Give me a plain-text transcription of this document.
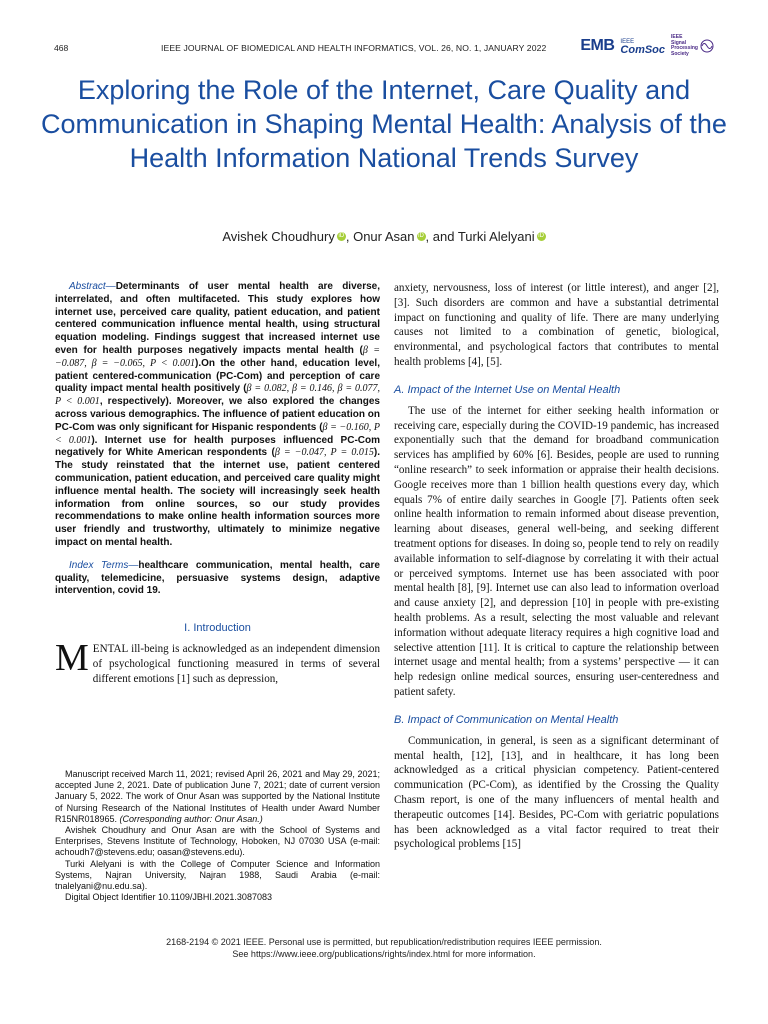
468	IEEE JOURNAL OF BIOMEDICAL AND HEALTH INFORMATICS, VOL. 26, NO. 1, JANUARY 2022 EMB IEEE
ComSoc
IEEE
Signal
Processing
Society
Exploring the Role of the Internet, Care Quality and Communication in Shaping Mental Health: Analysis of the Health Information National Trends Survey
Avishek Choudhury iD , Onur Asan iD , and Turki Alelyani iD

Abstract—Determinants of user mental health are diverse, interrelated, and often multifaceted. This study explores how internet use, perceived care quality, patient education, and patient centered communication influence mental health, using structural equation modeling. Findings suggest that increased internet use even for health purposes negatively impacts mental health (β = −0.087, β = −0.065, P < 0.001).On the other hand, education level, patient centered-communication (PC-Com) and perception of care quality impact mental health positively (β = 0.082, β = 0.146, β = 0.077, P < 0.001, respectively). Moreover, we also explored the changes across various demographics. The influence of patient education on PC-Com was only significant for Hispanic respondents (β = −0.160, P < 0.001). Internet use for health purposes influenced PC-Com negatively for White American respondents (β = −0.047, P = 0.015). The study reinstated that the internet use, patient centered communication, patient education, and perceived care quality might influence mental health. The society will increasingly seek health information from online sources, so our study provides recommendations to make online health information sources more user friendly and trustworthy, ultimately to minimize negative impact on mental health.

Index Terms—healthcare communication, mental health, care quality, telemedicine, persuasive systems design, adaptive intervention, covid 19.

I. Introduction

MENTAL ill-being is acknowledged as an independent dimension of psychological functioning measured in terms of several different emotions [1] such as depression,

Manuscript received March 11, 2021; revised April 26, 2021 and May 29, 2021; accepted June 2, 2021. Date of publication June 7, 2021; date of current version January 5, 2022. The work of Onur Asan was supported by the National Institute of Nursing Research of the National Institutes of Health under Award Number R15NR018965. (Corresponding author: Onur Asan.)

Avishek Choudhury and Onur Asan are with the School of Systems and Enterprises, Stevens Institute of Technology, Hoboken, NJ 07030 USA (e-mail: achoudh7@stevens.edu; oasan@stevens.edu).

Turki Alelyani is with the College of Computer Science and Information Systems, Najran University, Najran 1988, Saudi Arabia (e-mail: tnalelyani@nu.edu.sa).

Digital Object Identifier 10.1109/JBHI.2021.3087083

anxiety, nervousness, loss of interest (or little interest), and anger [2], [3]. Such disorders are common and have a substantial detrimental impact on functioning and quality of life. There are many underlying causes not limited to a combination of genetic, biological, environmental, and psychological factors that contributes to mental health problems [4], [5].

A. Impact of the Internet Use on Mental Health

The use of the internet for either seeking health information or receiving care, especially during the COVID-19 pandemic, has increased exponentially such that the demand for broadband communication services has amplified by 60% [6]. Besides, people are used to running “online research” to seek information or appraise their health decisions. Google receives more than 1 billion health questions every day, which equals 7% of entire daily searches in Google [7]. Patients often seek online health information to remain informed about disease prevention, learning about diseases, general well-being, and seeking different treatment options for diseases. In doing so, people tend to rely on readily available information to self-diagnose by correlating it with their actual or perceived symptoms. Internet use has been associated with poor mental health [8], [9]. Internet use can also lead to information overload and cause anxiety [2], and depression [10] in people with pre-existing health problems. As a result, selecting the most valuable and relevant information without adequate literacy requires a high cognitive load and selective attention [11]. It is critical to capture the relationship between internet usage and mental health; from a systems’ perspective — it can help redesign online medical sources, ensuring user-centeredness and patient safety.

B. Impact of Communication on Mental Health

Communication, in general, is seen as a significant determinant of mental health, [12], [13], and in healthcare, it has long been acknowledged as a critical physician competency. Patient-centered communication (PC-Com), as identified by the Crossing the Quality Chasm report, is one of the many influencers of mental health and therapeutic outcomes [14]. Besides, PC-Com with geriatric populations has been acknowledged as a vital factor required to treat their psychological problems [15]

2168-2194 © 2021 IEEE. Personal use is permitted, but republication/redistribution requires IEEE permission.
See https://www.ieee.org/publications/rights/index.html for more information.
